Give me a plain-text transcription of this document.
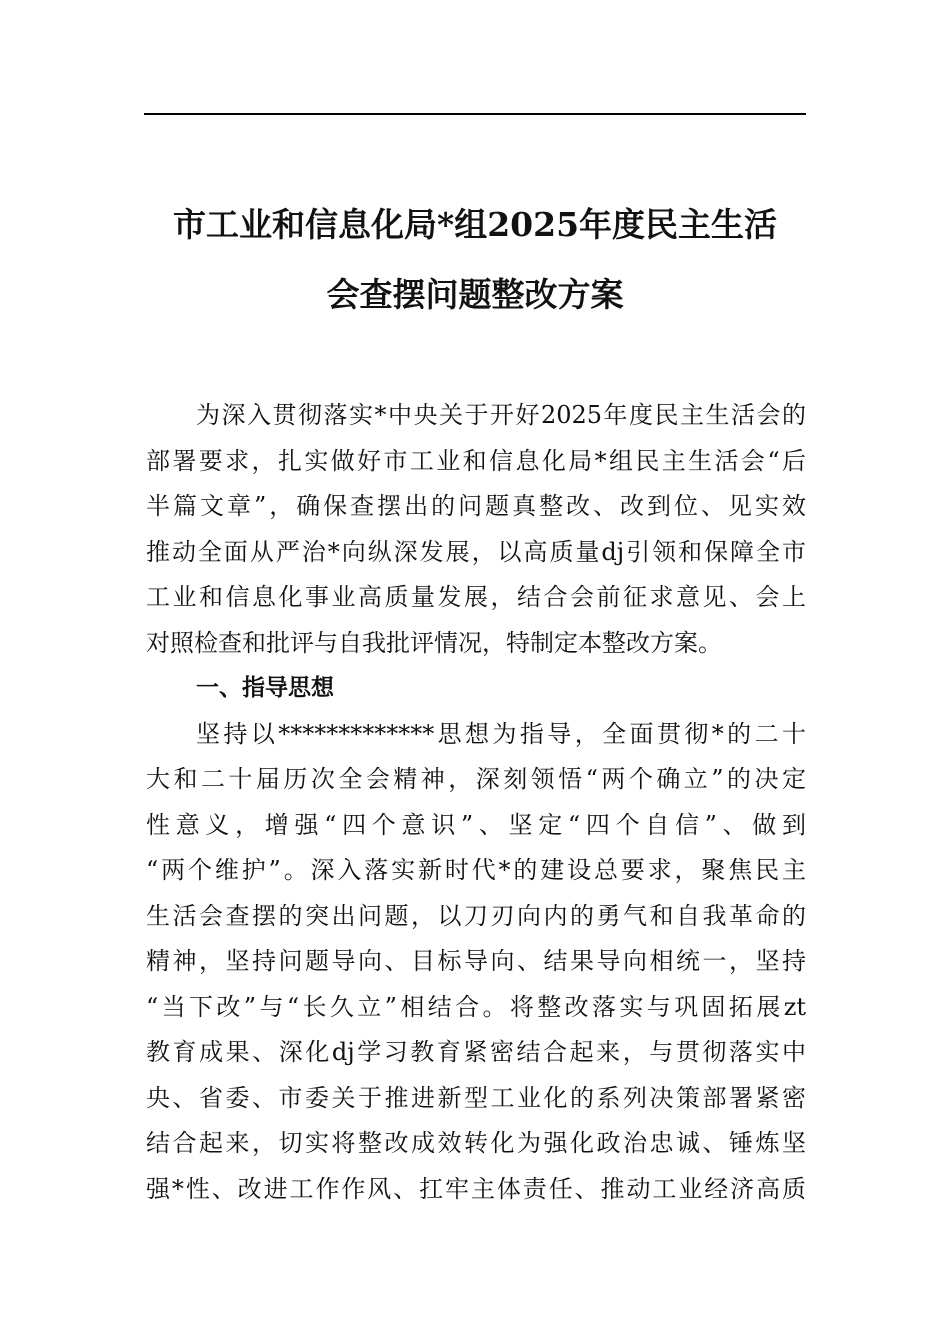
市工业和信息化局*组2025年度民主生活
会查摆问题整改方案
为深入贯彻落实*中央关于开好2025年度民主生活会的
部署要求，扎实做好市工业和信息化局*组民主生活会“后
半篇文章”，确保查摆出的问题真整改、改到位、见实效
推动全面从严治*向纵深发展，以高质量dj引领和保障全市
工业和信息化事业高质量发展，结合会前征求意见、会上
对照检查和批评与自我批评情况，特制定本整改方案。
一、指导思想
坚持以*************思想为指导，全面贯彻*的二十
大和二十届历次全会精神，深刻领悟“两个确立”的决定
性意义，增强“四个意识”、坚定“四个自信”、做到
“两个维护”。深入落实新时代*的建设总要求，聚焦民主
生活会查摆的突出问题，以刀刃向内的勇气和自我革命的
精神，坚持问题导向、目标导向、结果导向相统一，坚持
“当下改”与“长久立”相结合。将整改落实与巩固拓展zt
教育成果、深化dj学习教育紧密结合起来，与贯彻落实中
央、省委、市委关于推进新型工业化的系列决策部署紧密
结合起来，切实将整改成效转化为强化政治忠诚、锤炼坚
强*性、改进工作作风、扛牢主体责任、推动工业经济高质
